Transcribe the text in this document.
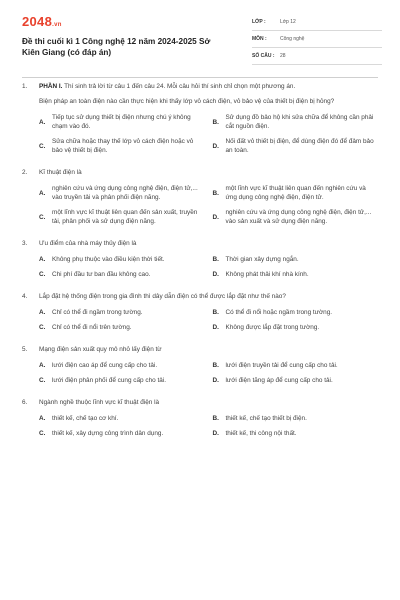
2048.vn
Đề thi cuối kì 1 Công nghệ 12 năm 2024-2025 Sở Kiên Giang (có đáp án)
LỚP :	Lớp 12
MÔN :	Công nghệ
SỐ CÂU :	28
1.	PHẦN I. Thí sinh trả lời từ câu 1 đến câu 24. Mỗi câu hỏi thí sinh chỉ chọn một phương án.
Biện pháp an toàn điện nào cần thực hiện khi thấy lớp vỏ cách điện, vỏ bảo vệ của thiết bị điện bị hỏng?
A.
Tiếp tục sử dụng thiết bị điện nhưng chú ý không chạm vào đó.
B.
Sử dụng đồ bảo hộ khi sửa chữa để không cần phải cắt nguồn điện.
C.
Sửa chữa hoặc thay thế lớp vỏ cách điện hoặc vỏ bảo vệ thiết bị điện.
D.
Nối đất vỏ thiết bị điện, để dùng điện đó để đảm bảo an toàn.
2.	Kĩ thuật điện là
A.
nghiên cứu và ứng dụng công nghệ điện, điện tử,... vào truyền tải và phân phối điện năng.
B.
một lĩnh vực kĩ thuật liên quan đến nghiên cứu và ứng dụng công nghệ điện, điện tử.
C.
một lĩnh vực kĩ thuật liên quan đến sản xuất, truyền tải, phân phối và sử dụng điện năng.
D.
nghiên cứu và ứng dụng công nghệ điện, điện tử,... vào sản xuất và sử dụng điện năng.
3.	Ưu điểm của nhà máy thủy điện là
A.	Không phụ thuộc vào điều kiện thời tiết.	B.	Thời gian xây dựng ngắn.
C.	Chi phí đầu tư ban đầu không cao.	D.	Không phát thải khí nhà kính.
4.	Lắp đặt hệ thống điện trong gia đình thì dây dẫn điện có thể được lắp đặt như thế nào?
A.	Chỉ có thể đi ngầm trong tường.	B.	Có thể đi nổi hoặc ngầm trong tường.
C.	Chỉ có thể đi nổi trên tường.	D.	Không được lắp đặt trong tường.
5.	Mạng điện sản xuất quy mô nhỏ lấy điện từ
A.	lưới điện cao áp để cung cấp cho tải.	B.	lưới điện truyền tải để cung cấp cho tải.
C.	lưới điện phân phối để cung cấp cho tải.	D.	lưới điện tăng áp để cung cấp cho tải.
6.	Ngành nghề thuộc lĩnh vực kĩ thuật điện là
A.	thiết kế, chế tạo cơ khí.	B.	thiết kế, chế tạo thiết bị điện.
C.	thiết kế, xây dựng công trình dân dụng.	D.	thiết kế, thi công nội thất.
